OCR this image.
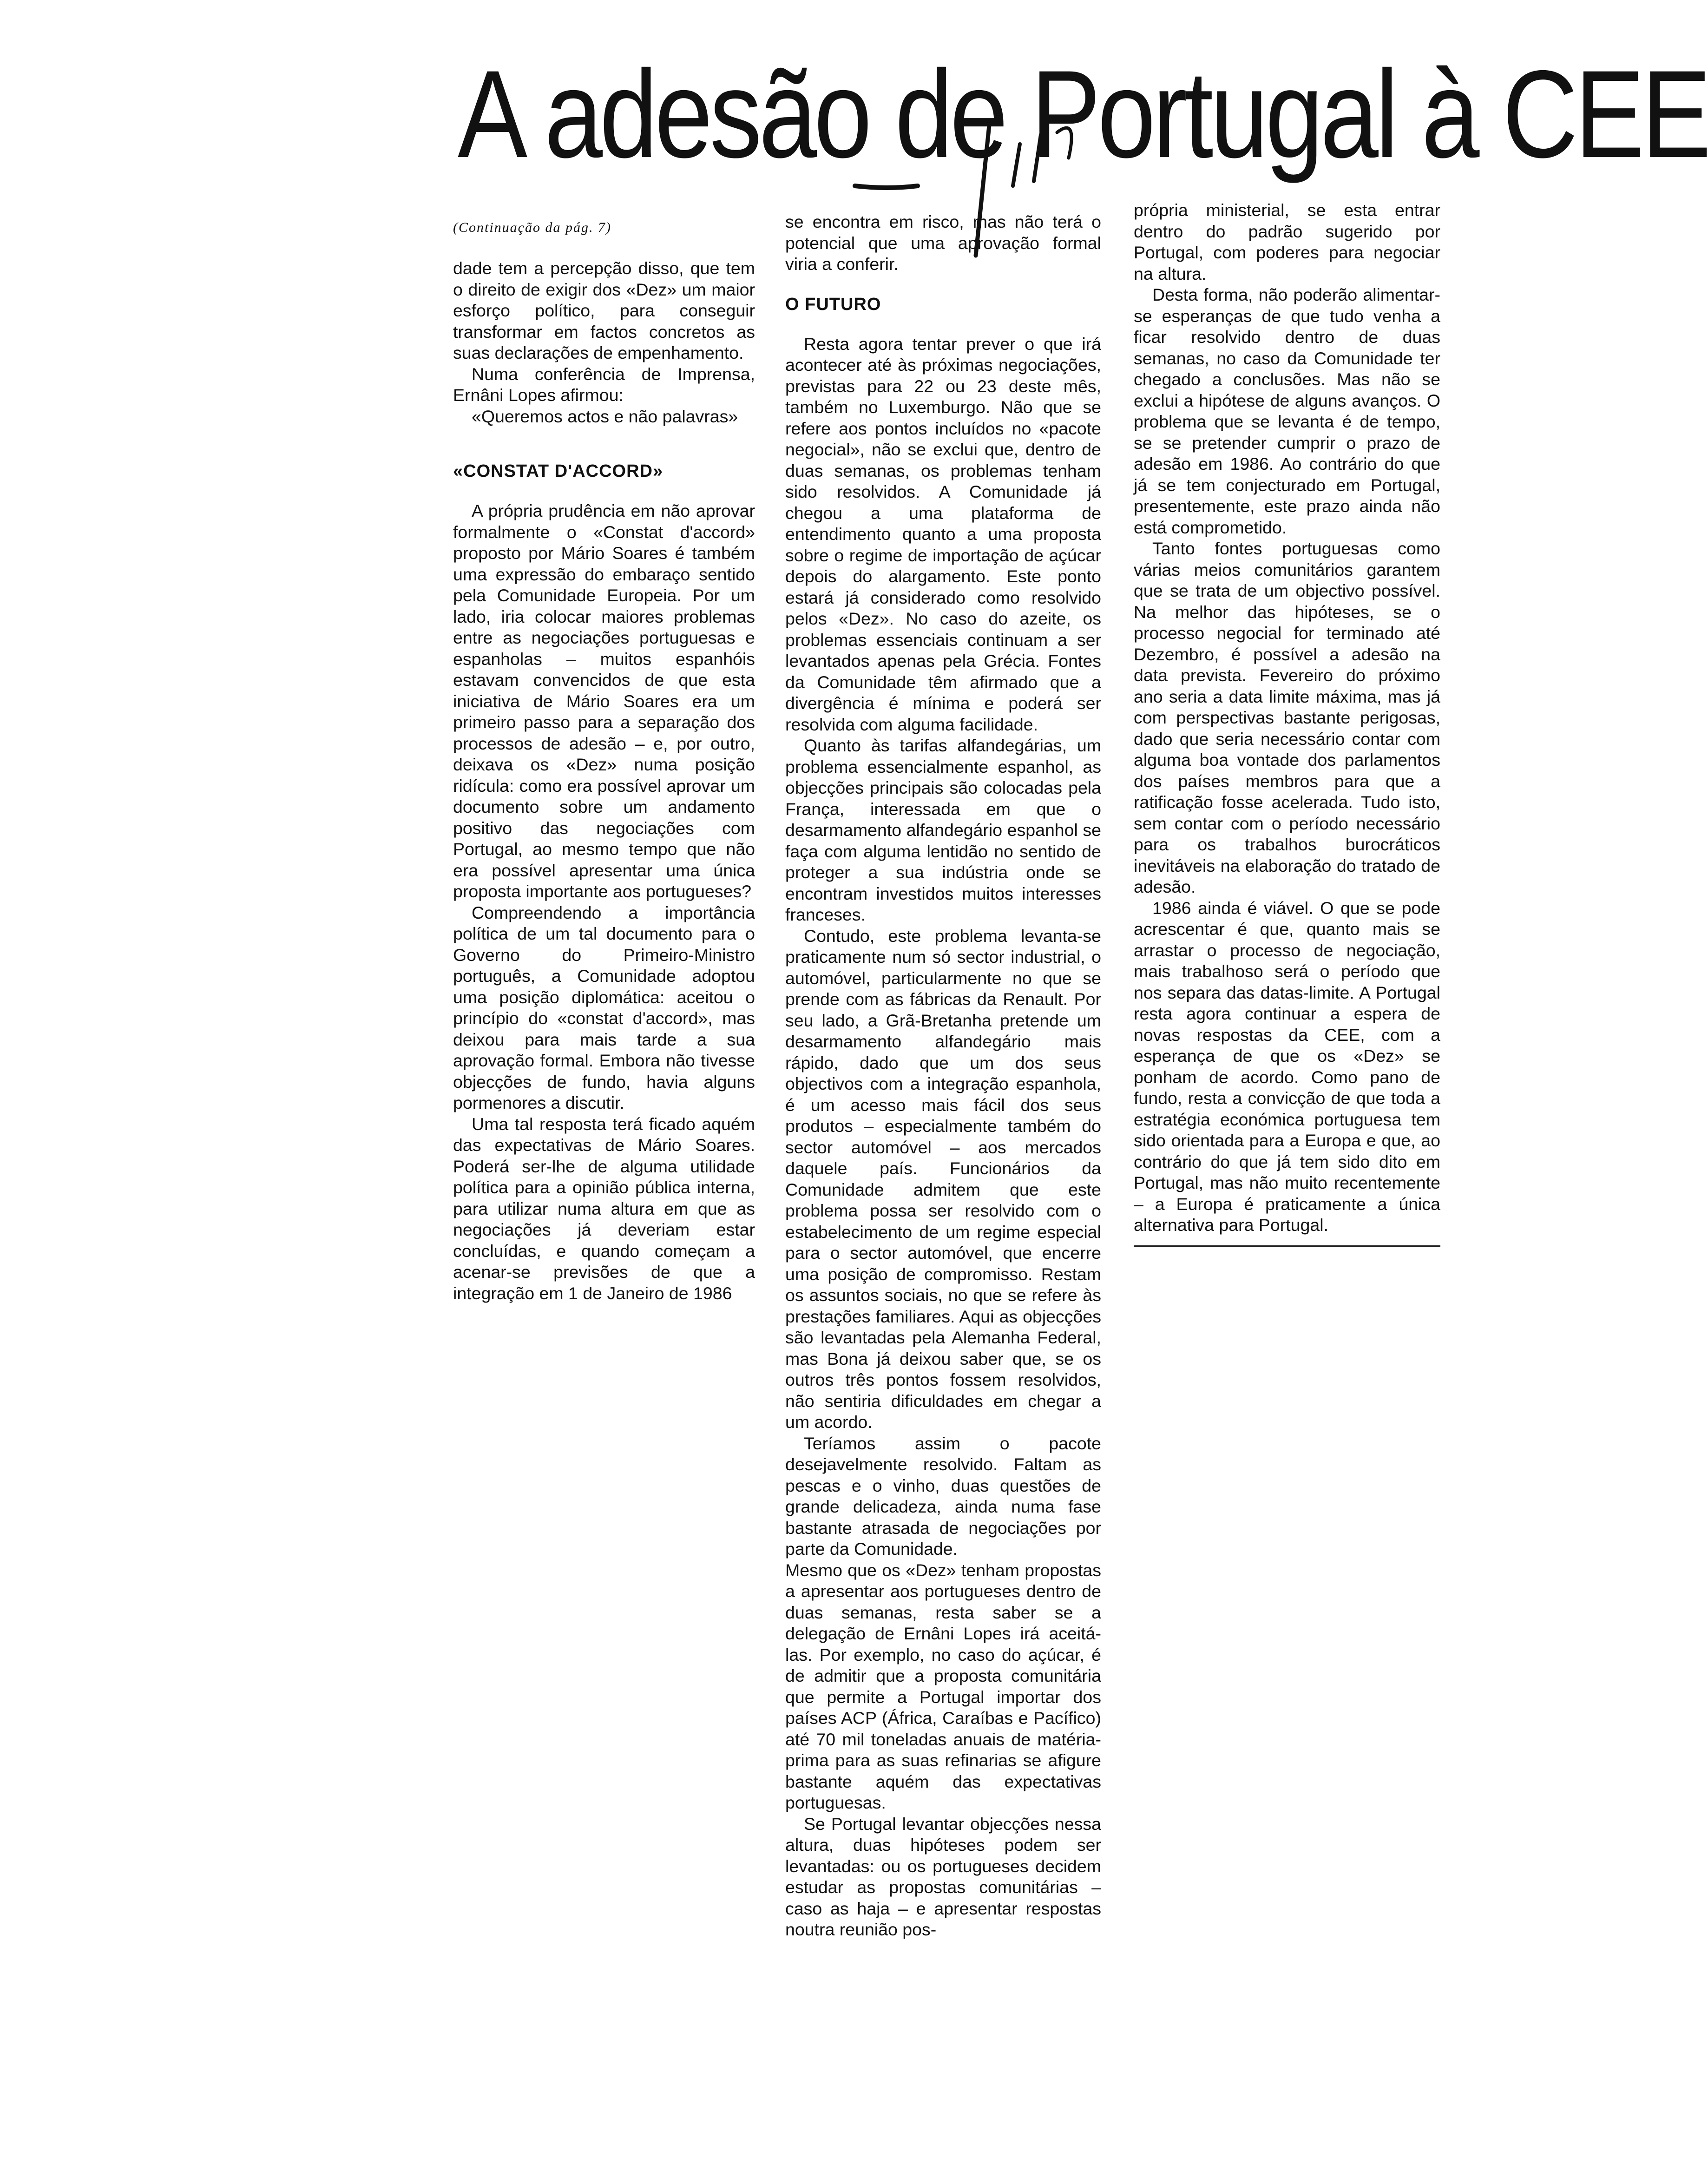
A adesão de Portugal à CEE
(Continuação da pág. 7)

dade tem a percepção disso, que tem o direito de exigir dos «Dez» um maior esforço político, para conseguir transformar em factos concretos as suas declarações de empenhamento.

Numa conferência de Imprensa, Ernâni Lopes afirmou:

«Queremos actos e não palavras»

«CONSTAT D'ACCORD»

A própria prudência em não aprovar formalmente o «Constat d'accord» proposto por Mário Soares é também uma expressão do embaraço sentido pela Comunidade Europeia. Por um lado, iria colocar maiores problemas entre as negociações portuguesas e espanholas – muitos espanhóis estavam convencidos de que esta iniciativa de Mário Soares era um primeiro passo para a separação dos processos de adesão – e, por outro, deixava os «Dez» numa posição ridícula: como era possível aprovar um documento sobre um andamento positivo das negociações com Portugal, ao mesmo tempo que não era possível apresentar uma única proposta importante aos portugueses?

Compreendendo a importância política de um tal documento para o Governo do Primeiro-Ministro português, a Comunidade adoptou uma posição diplomática: aceitou o princípio do «constat d'accord», mas deixou para mais tarde a sua aprovação formal. Embora não tivesse objecções de fundo, havia alguns pormenores a discutir.

Uma tal resposta terá ficado aquém das expectativas de Mário Soares. Poderá ser-lhe de alguma utilidade política para a opinião pública interna, para utilizar numa altura em que as negociações já deveriam estar concluídas, e quando começam a acenar-se previsões de que a integração em 1 de Janeiro de 1986

se encontra em risco, mas não terá o potencial que uma aprovação formal viria a conferir.

O FUTURO

Resta agora tentar prever o que irá acontecer até às próximas negociações, previstas para 22 ou 23 deste mês, também no Luxemburgo. Não que se refere aos pontos incluídos no «pacote negocial», não se exclui que, dentro de duas semanas, os problemas tenham sido resolvidos. A Comunidade já chegou a uma plataforma de entendimento quanto a uma proposta sobre o regime de importação de açúcar depois do alargamento. Este ponto estará já considerado como resolvido pelos «Dez». No caso do azeite, os problemas essenciais continuam a ser levantados apenas pela Grécia. Fontes da Comunidade têm afirmado que a divergência é mínima e poderá ser resolvida com alguma facilidade.

Quanto às tarifas alfandegárias, um problema essencialmente espanhol, as objecções principais são colocadas pela França, interessada em que o desarmamento alfandegário espanhol se faça com alguma lentidão no sentido de proteger a sua indústria onde se encontram investidos muitos interesses franceses.

Contudo, este problema levanta-se praticamente num só sector industrial, o automóvel, particularmente no que se prende com as fábricas da Renault. Por seu lado, a Grã-Bretanha pretende um desarmamento alfandegário mais rápido, dado que um dos seus objectivos com a integração espanhola, é um acesso mais fácil dos seus produtos – especialmente também do sector automóvel – aos mercados daquele país. Funcionários da Comunidade admitem que este problema possa ser resolvido com o estabelecimento de um regime especial para o sector automóvel, que encerre uma posição de compromisso. Restam os assuntos sociais, no que se refere às prestações familiares. Aqui as objecções são levantadas pela Alemanha Federal, mas Bona já deixou saber que, se os outros três pontos fossem resolvidos, não sentiria dificuldades em chegar a um acordo.

Teríamos assim o pacote desejavelmente resolvido. Faltam as pescas e o vinho, duas questões de grande delicadeza, ainda numa fase bastante atrasada de negociações por parte da Comunidade.

Mesmo que os «Dez» tenham propostas a apresentar aos portugueses dentro de duas semanas, resta saber se a delegação de Ernâni Lopes irá aceitá-las. Por exemplo, no caso do açúcar, é de admitir que a proposta comunitária que permite a Portugal importar dos países ACP (África, Caraíbas e Pacífico) até 70 mil toneladas anuais de matéria-prima para as suas refinarias se afigure bastante aquém das expectativas portuguesas.

Se Portugal levantar objecções nessa altura, duas hipóteses podem ser levantadas: ou os portugueses decidem estudar as propostas comunitárias – caso as haja – e apresentar respostas noutra reunião pos-

própria ministerial, se esta entrar dentro do padrão sugerido por Portugal, com poderes para negociar na altura.

Desta forma, não poderão alimentar-se esperanças de que tudo venha a ficar resolvido dentro de duas semanas, no caso da Comunidade ter chegado a conclusões. Mas não se exclui a hipótese de alguns avanços. O problema que se levanta é de tempo, se se pretender cumprir o prazo de adesão em 1986. Ao contrário do que já se tem conjecturado em Portugal, presentemente, este prazo ainda não está comprometido.

Tanto fontes portuguesas como várias meios comunitários garantem que se trata de um objectivo possível. Na melhor das hipóteses, se o processo negocial for terminado até Dezembro, é possível a adesão na data prevista. Fevereiro do próximo ano seria a data limite máxima, mas já com perspectivas bastante perigosas, dado que seria necessário contar com alguma boa vontade dos parlamentos dos países membros para que a ratificação fosse acelerada. Tudo isto, sem contar com o período necessário para os trabalhos burocráticos inevitáveis na elaboração do tratado de adesão.

1986 ainda é viável. O que se pode acrescentar é que, quanto mais se arrastar o processo de negociação, mais trabalhoso será o período que nos separa das datas-limite. A Portugal resta agora continuar a espera de novas respostas da CEE, com a esperança de que os «Dez» se ponham de acordo. Como pano de fundo, resta a convicção de que toda a estratégia económica portuguesa tem sido orientada para a Europa e que, ao contrário do que já tem sido dito em Portugal, mas não muito recentemente – a Europa é praticamente a única alternativa para Portugal.
